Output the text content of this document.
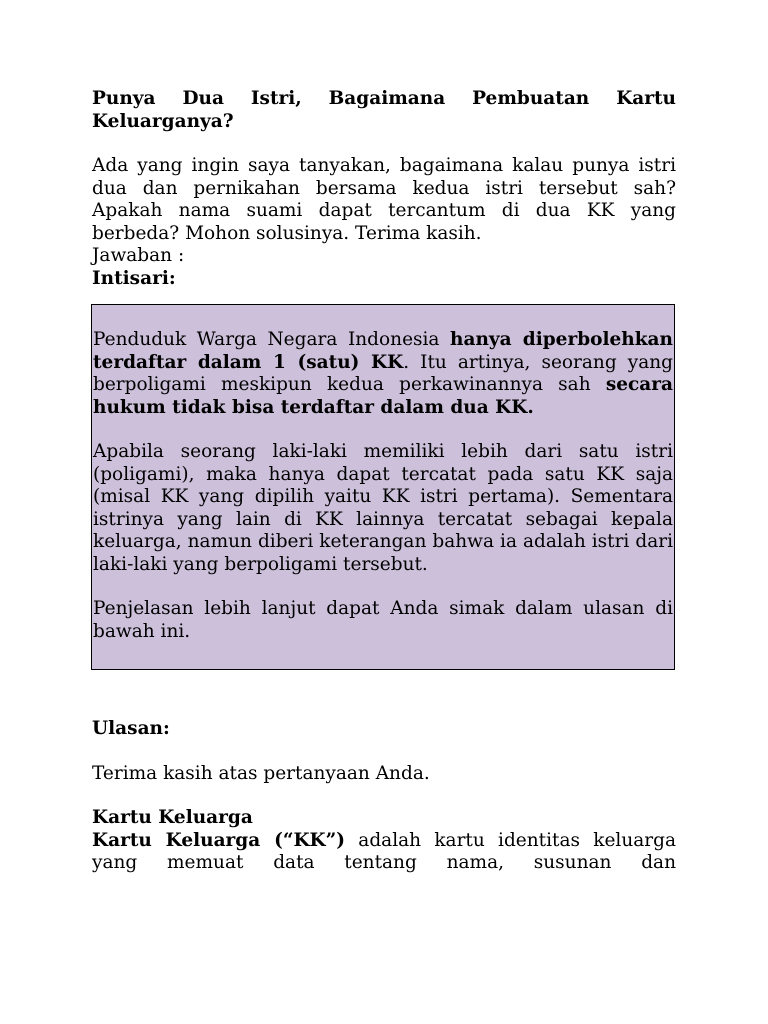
Punya Dua Istri, Bagaimana Pembuatan Kartu Keluarganya?

Ada yang ingin saya tanyakan, bagaimana kalau punya istri dua dan pernikahan bersama kedua istri tersebut sah? Apakah nama suami dapat tercantum di dua KK yang berbeda? Mohon solusinya. Terima kasih.

Jawaban :

Intisari:

Penduduk Warga Negara Indonesia hanya diperbolehkan terdaftar dalam 1 (satu) KK. Itu artinya, seorang yang berpoligami meskipun kedua perkawinannya sah secara hukum tidak bisa terdaftar dalam dua KK.

Apabila seorang laki-laki memiliki lebih dari satu istri (poligami), maka hanya dapat tercatat pada satu KK saja (misal KK yang dipilih yaitu KK istri pertama). Sementara istrinya yang lain di KK lainnya tercatat sebagai kepala keluarga, namun diberi keterangan bahwa ia adalah istri dari laki-laki yang berpoligami tersebut.

Penjelasan lebih lanjut dapat Anda simak dalam ulasan di bawah ini.

Ulasan:

Terima kasih atas pertanyaan Anda.

Kartu Keluarga

Kartu Keluarga (“KK”) adalah kartu identitas keluarga yang memuat data tentang nama, susunan dan
